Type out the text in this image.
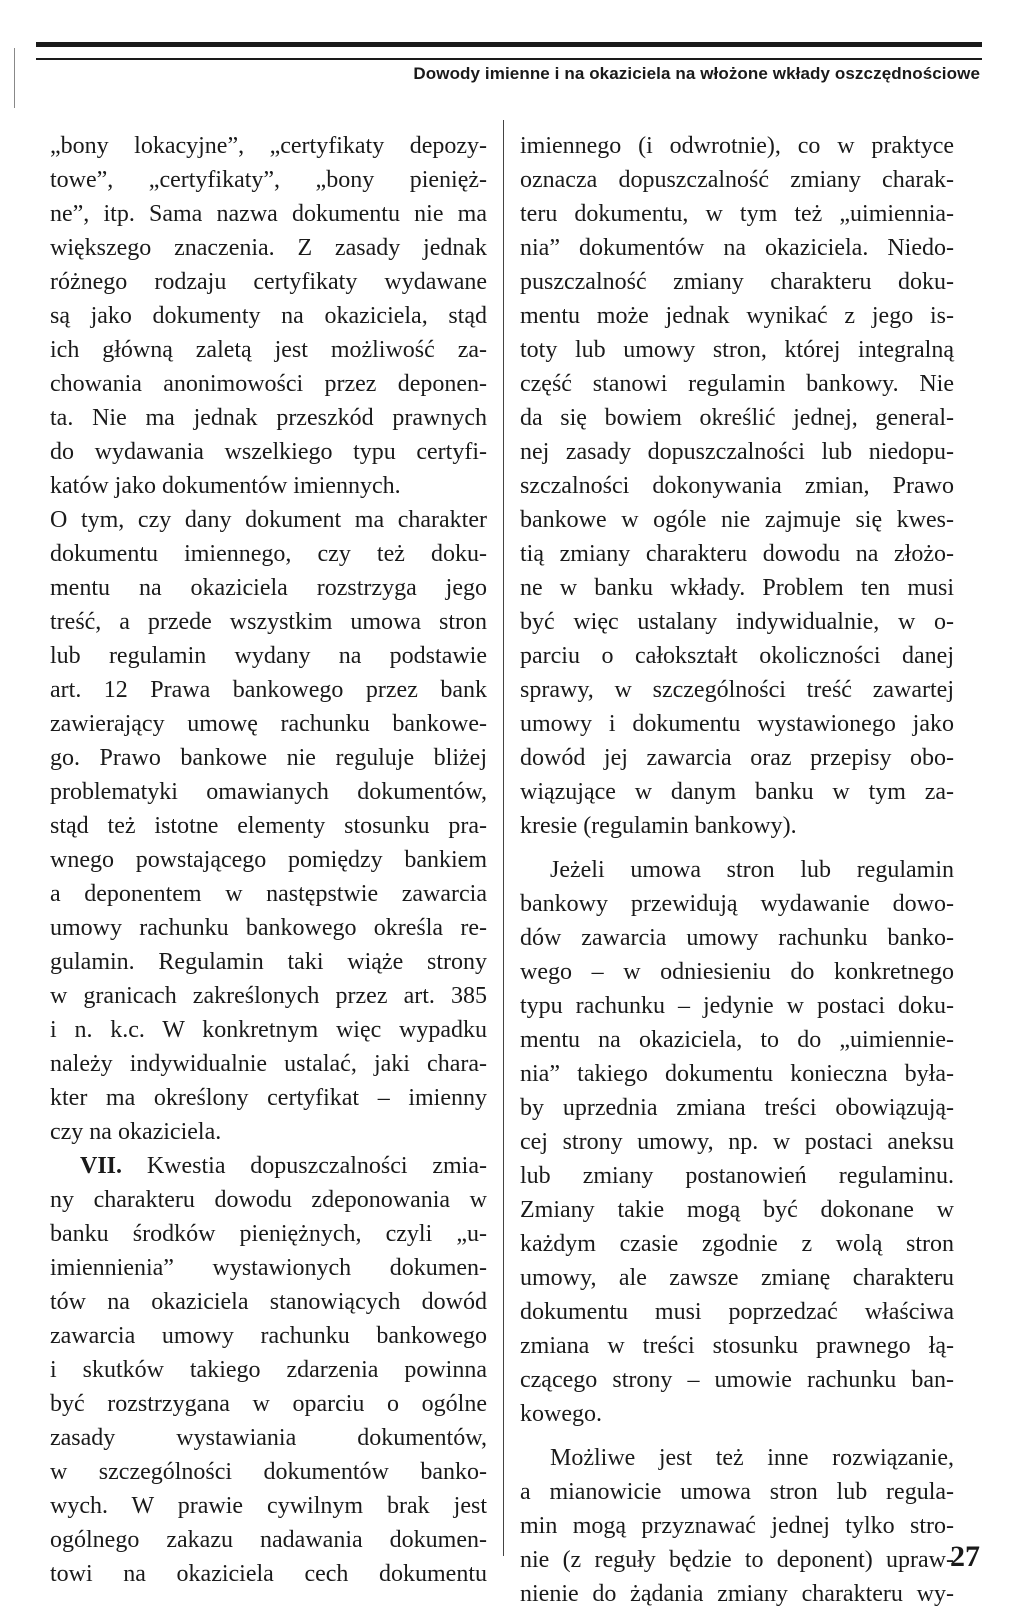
Dowody imienne i na okaziciela na włożone wkłady oszczędnościowe
„bony lokacyjne”, „certyfikaty depozy-
towe”, „certyfikaty”, „bony pienięż-
ne”, itp. Sama nazwa dokumentu nie ma
większego znaczenia. Z zasady jednak
różnego rodzaju certyfikaty wydawane
są jako dokumenty na okaziciela, stąd
ich główną zaletą jest możliwość za-
chowania anonimowości przez deponen-
ta. Nie ma jednak przeszkód prawnych
do wydawania wszelkiego typu certyfi-
katów jako dokumentów imiennych.
O tym, czy dany dokument ma charakter
dokumentu imiennego, czy też doku-
mentu na okaziciela rozstrzyga jego
treść, a przede wszystkim umowa stron
lub regulamin wydany na podstawie
art. 12 Prawa bankowego przez bank
zawierający umowę rachunku bankowe-
go. Prawo bankowe nie reguluje bliżej
problematyki omawianych dokumentów,
stąd też istotne elementy stosunku pra-
wnego powstającego pomiędzy bankiem
a deponentem w następstwie zawarcia
umowy rachunku bankowego określa re-
gulamin. Regulamin taki wiąże strony
w granicach zakreślonych przez art. 385
i n. k.c. W konkretnym więc wypadku
należy indywidualnie ustalać, jaki chara-
kter ma określony certyfikat – imienny
czy na okaziciela.
VII. Kwestia dopuszczalności zmia-
ny charakteru dowodu zdeponowania w
banku środków pieniężnych, czyli „u-
imiennienia” wystawionych dokumen-
tów na okaziciela stanowiących dowód
zawarcia umowy rachunku bankowego
i skutków takiego zdarzenia powinna
być rozstrzygana w oparciu o ogólne
zasady wystawiania dokumentów,
w szczególności dokumentów banko-
wych. W prawie cywilnym brak jest
ogólnego zakazu nadawania dokumen-
towi na okaziciela cech dokumentu
imiennego (i odwrotnie), co w praktyce
oznacza dopuszczalność zmiany charak-
teru dokumentu, w tym też „uimiennia-
nia” dokumentów na okaziciela. Niedo-
puszczalność zmiany charakteru doku-
mentu może jednak wynikać z jego is-
toty lub umowy stron, której integralną
część stanowi regulamin bankowy. Nie
da się bowiem określić jednej, general-
nej zasady dopuszczalności lub niedopu-
szczalności dokonywania zmian, Prawo
bankowe w ogóle nie zajmuje się kwes-
tią zmiany charakteru dowodu na złożo-
ne w banku wkłady. Problem ten musi
być więc ustalany indywidualnie, w o-
parciu o całokształt okoliczności danej
sprawy, w szczególności treść zawartej
umowy i dokumentu wystawionego jako
dowód jej zawarcia oraz przepisy obo-
wiązujące w danym banku w tym za-
kresie (regulamin bankowy).
Jeżeli umowa stron lub regulamin
bankowy przewidują wydawanie dowo-
dów zawarcia umowy rachunku banko-
wego – w odniesieniu do konkretnego
typu rachunku – jedynie w postaci doku-
mentu na okaziciela, to do „uimiennie-
nia” takiego dokumentu konieczna była-
by uprzednia zmiana treści obowiązują-
cej strony umowy, np. w postaci aneksu
lub zmiany postanowień regulaminu.
Zmiany takie mogą być dokonane w
każdym czasie zgodnie z wolą stron
umowy, ale zawsze zmianę charakteru
dokumentu musi poprzedzać właściwa
zmiana w treści stosunku prawnego łą-
czącego strony – umowie rachunku ban-
kowego.
Możliwe jest też inne rozwiązanie,
a mianowicie umowa stron lub regula-
min mogą przyznawać jednej tylko stro-
nie (z reguły będzie to deponent) upraw-
nienie do żądania zmiany charakteru wy-
27
